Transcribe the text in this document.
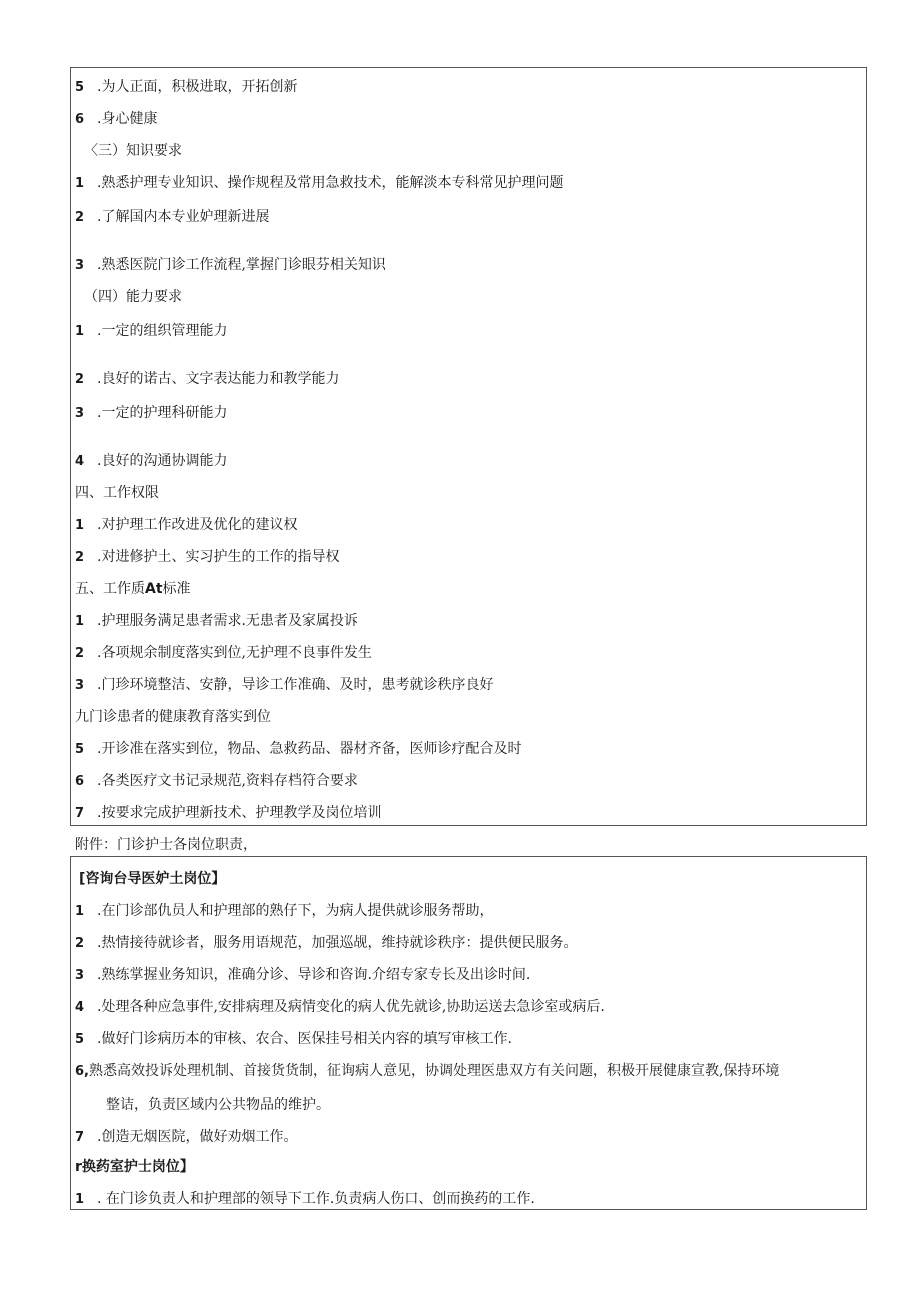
5 .为人正面，积极进取，开拓创新
6 .身心健康
〈三）知识要求
1 .熟悉护理专业知识、操作规程及常用急救技术，能解淡本专科常见护理问题
2 .了解国内本专业妒理新进展
3 .熟悉医院门诊工作流程,掌握门诊眼芬相关知识
（四）能力要求
1 .一定的组织管理能力
2 .良好的诺古、文字表达能力和教学能力
3 .一定的护理科研能力
4 .良好的沟通协调能力
四、工作权限
1 .对护理工作改进及优化的建议权
2 .对进修护土、实习护生的工作的指导权
五、工作质At标准
1 .护理服务满足患者需求.无患者及家属投诉
2 .各项规余制度落实到位,无护理不良事件发生
3 .门珍环境整洁、安静，导诊工作准确、及时，患考就诊秩序良好
九门诊患者的健康教育落实到位
5 .开诊准在落实到位，物品、急救药品、器材齐备，医师诊疗配合及时
6 .各类医疗文书记录规范,资料存档符合要求
7 .按要求完成护理新技术、护理教学及岗位培训
附件：门诊护士各岗位职责，
[咨询台导医妒土岗位】
1 .在门诊部仇员人和护理部的熟仔下，为病人提供就诊服务帮助，
2 .热情接待就诊者，服务用语规范，加强巡觇，维持就诊秩序：提供便民服务。
3 .熟练掌握业务知识，准确分诊、导诊和咨询.介绍专家专长及出诊时间.
4 .处理各种应急事件,安排病理及病情变化的病人优先就诊,协助运送去急诊室或病后.
5 .做好门诊病历本的审核、农合、医保挂号相关内容的填写审核工作.
6,熟悉高效投诉处理机制、首接货货制，征询病人意见，协调处理医患双方有关问题，积极开展健康宣教,保持环境
整诘，负责区域内公共物品的维护。
7 .创造无烟医院，做好劝烟工作。
r换药室护士岗位】
1 . 在门诊负责人和护理部的领导下工作.负责病人伤口、创而换药的工作.
